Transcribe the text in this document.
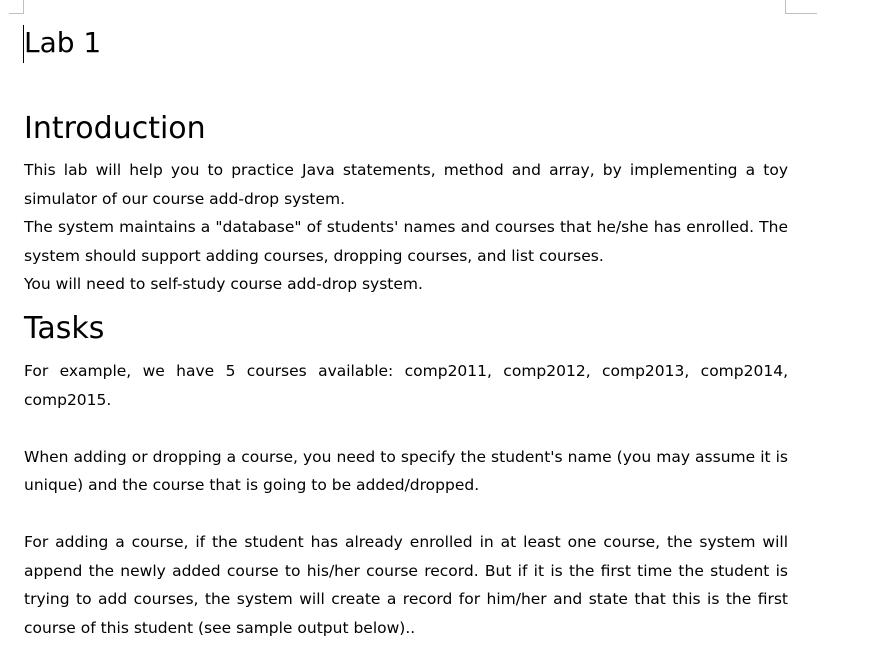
Lab 1
Introduction

This lab will help you to practice Java statements, method and array, by implementing a toy simulator of our course add-drop system.

The system maintains a "database" of students' names and courses that he/she has enrolled. The system should support adding courses, dropping courses, and list courses.

You will need to self-study course add-drop system.

Tasks

For example, we have 5 courses available: comp2011, comp2012, comp2013, comp2014, comp2015.

When adding or dropping a course, you need to specify the student's name (you may assume it is unique) and the course that is going to be added/dropped.

For adding a course, if the student has already enrolled in at least one course, the system will append the newly added course to his/her course record. But if it is the first time the student is trying to add courses, the system will create a record for him/her and state that this is the first course of this student (see sample output below)..
